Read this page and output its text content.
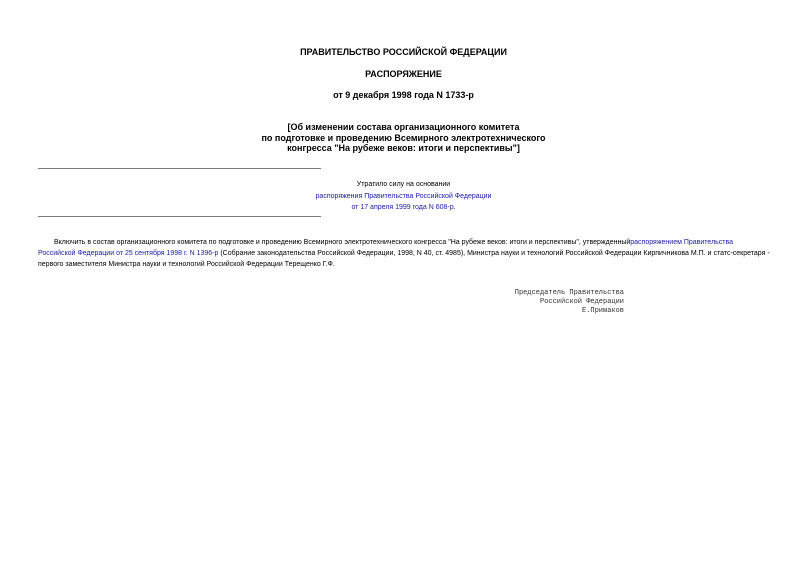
ПРАВИТЕЛЬСТВО РОССИЙСКОЙ ФЕДЕРАЦИИ
РАСПОРЯЖЕНИЕ
от 9 декабря 1998 года N 1733-р
[Об изменении состава организационного комитета
по подготовке и проведению Всемирного электротехнического
конгресса "На рубеже веков: итоги и перспективы"]
Утратило силу на основании
распоряжения Правительства Российской Федерации
от 17 апреля 1999 года N 608-р.
Включить в состав организационного комитета по подготовке и проведению Всемирного электротехнического конгресса "На рубеже веков: итоги и перспективы", утвержденныйраспоряжением Правительства Российской Федерации от 25 сентября 1998 г. N 1396-р (Собрание законодательства Российской Федерации, 1998, N 40, ст. 4985), Министра науки и технологий Российской Федерации Кирпичникова М.П. и статс-секретаря - первого заместителя Министра науки и технологий Российской Федерации Терещенко Г.Ф.
Председатель Правительства
Российской Федерации
Е.Примаков
